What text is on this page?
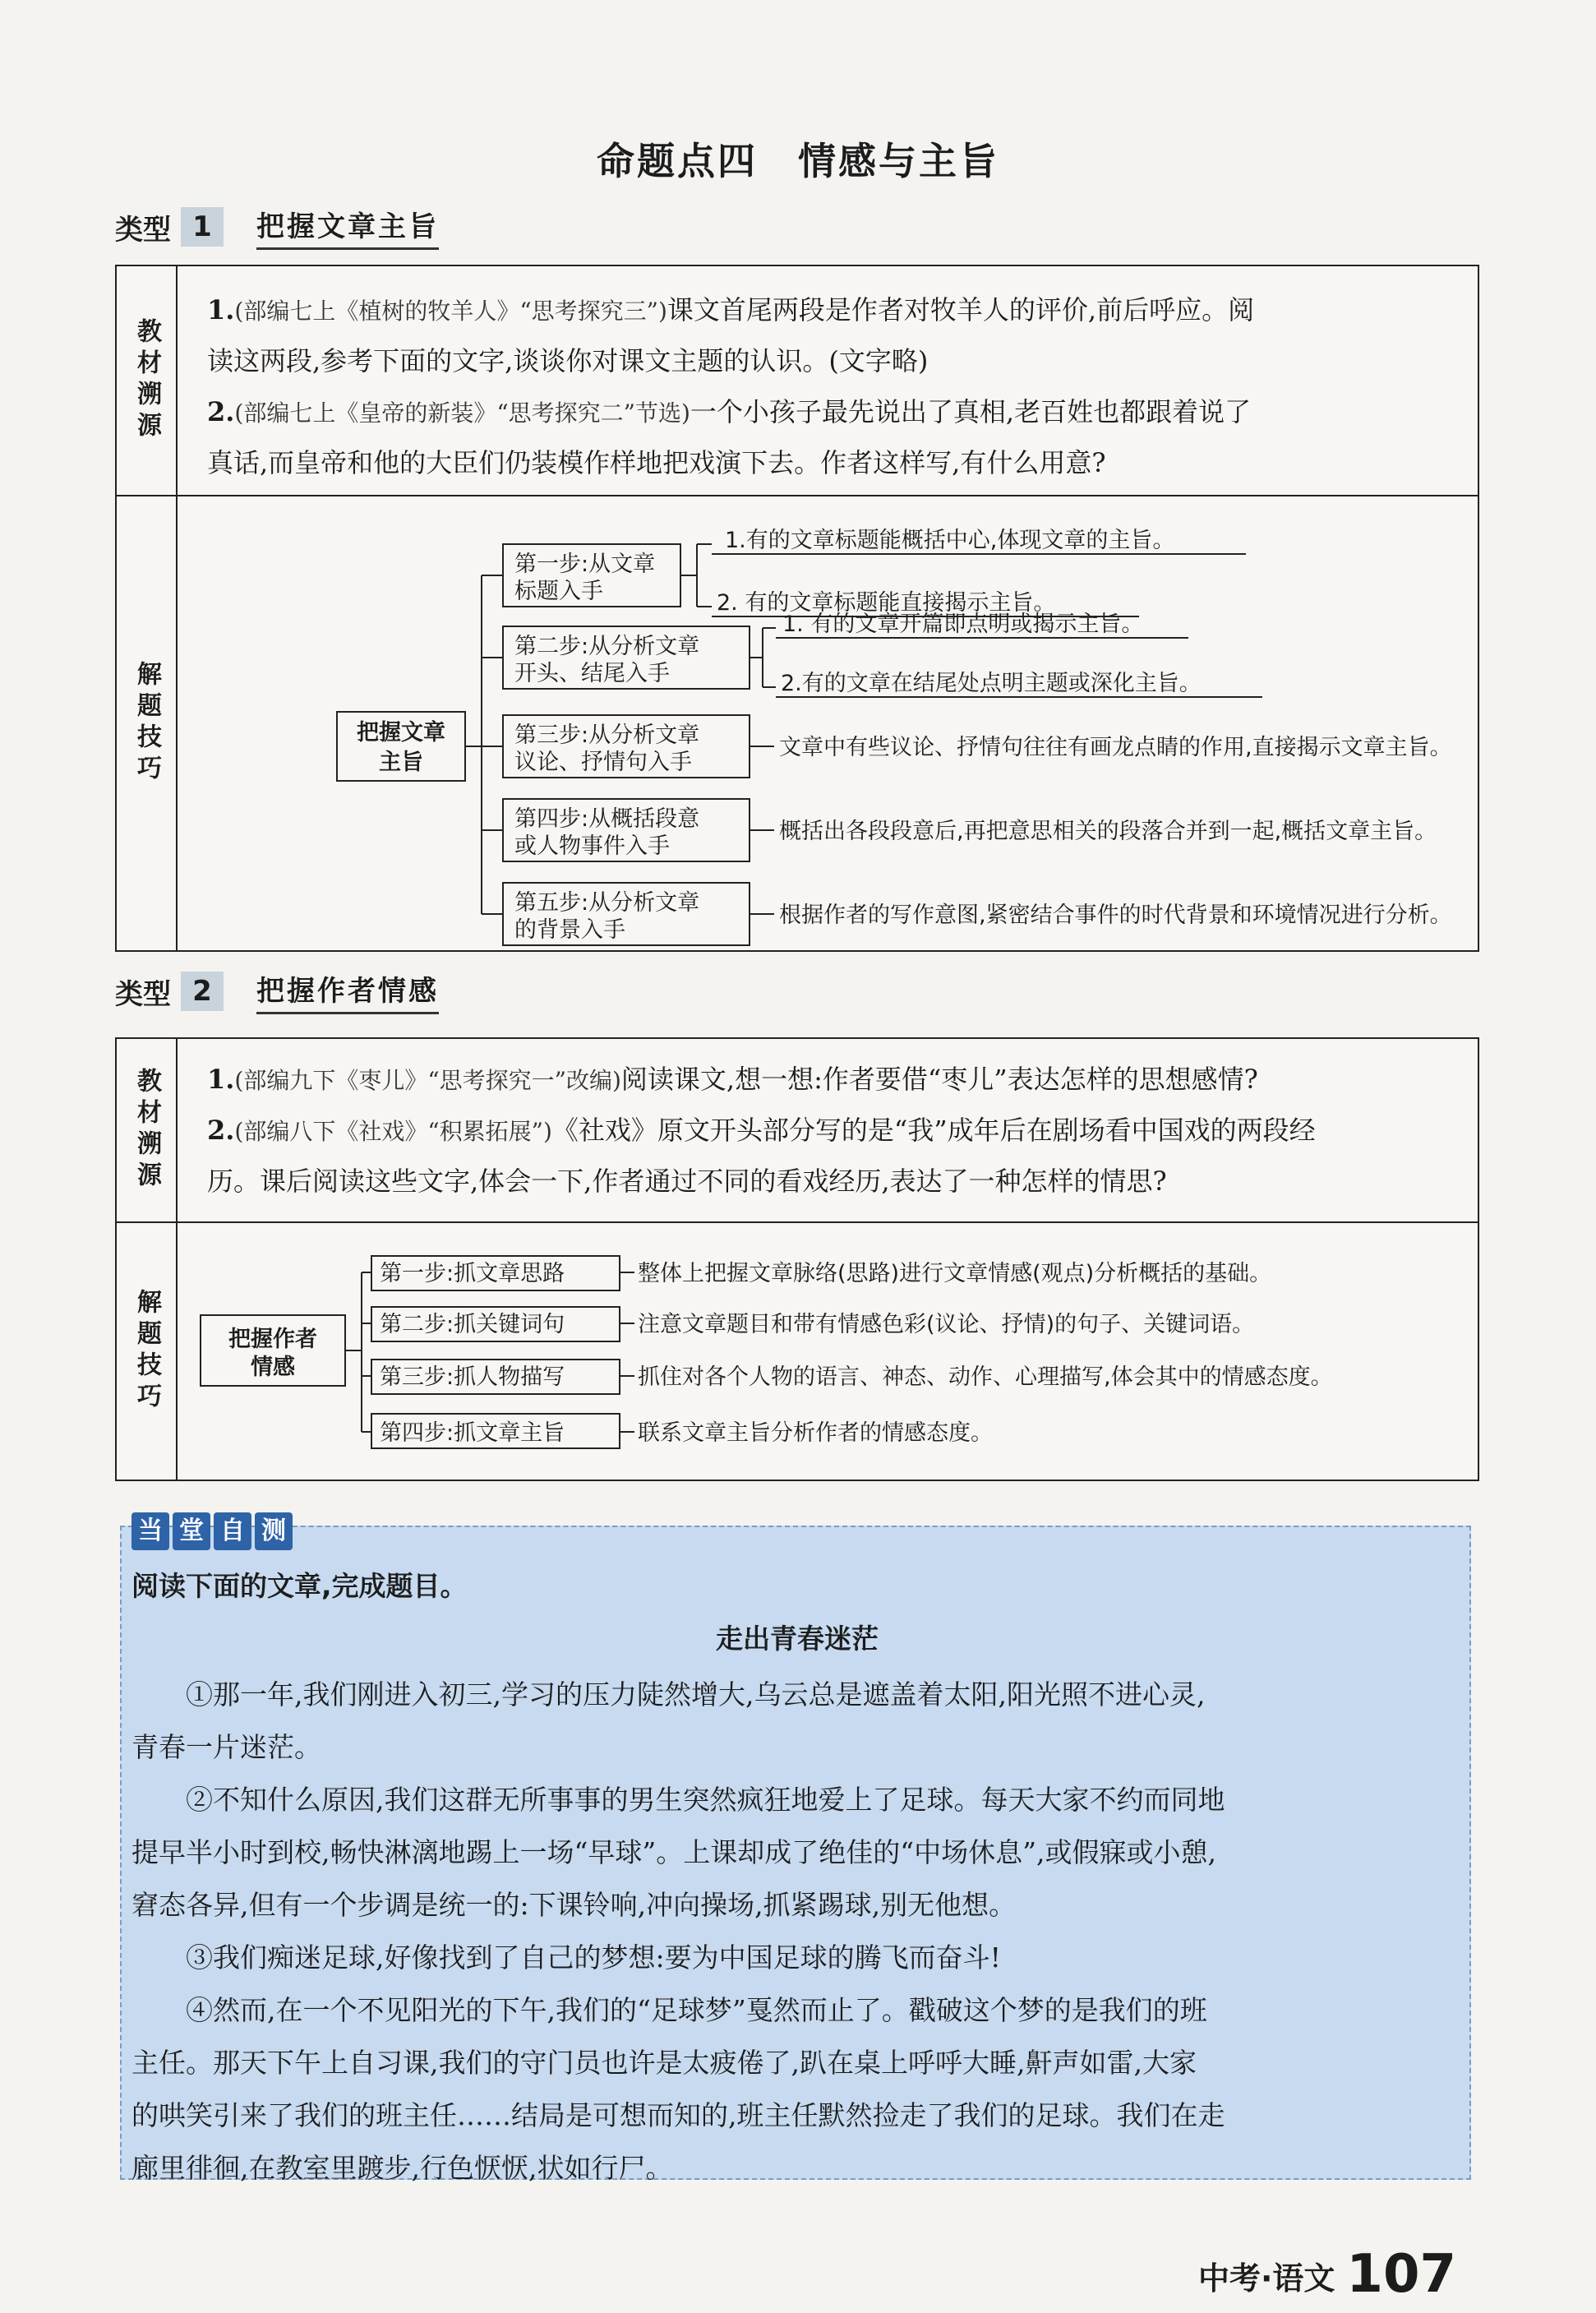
命题点四　情感与主旨
类型 1	把握文章主旨
教材溯源
1.(部编七上《植树的牧羊人》“思考探究三”)课文首尾两段是作者对牧羊人的评价,前后呼应。阅
读这两段,参考下面的文字,谈谈你对课文主题的认识。(文字略)
2.(部编七上《皇帝的新装》“思考探究二”节选)一个小孩子最先说出了真相,老百姓也都跟着说了
真话,而皇帝和他的大臣们仍装模作样地把戏演下去。作者这样写,有什么用意?
解题技巧	把握文章
主旨
第一步:从文章
标题入手
第二步:从分析文章
开头、结尾入手
第三步:从分析文章
议论、抒情句入手
第四步:从概括段意
或人物事件入手
第五步:从分析文章
的背景入手
1.有的文章标题能概括中心,体现文章的主旨。
2. 有的文章标题能直接揭示主旨。
1. 有的文章开篇即点明或揭示主旨。
2.有的文章在结尾处点明主题或深化主旨。
文章中有些议论、抒情句往往有画龙点睛的作用,直接揭示文章主旨。
概括出各段段意后,再把意思相关的段落合并到一起,概括文章主旨。
根据作者的写作意图,紧密结合事件的时代背景和环境情况进行分析。
类型 2	把握作者情感
教材溯源 1.(部编九下《枣儿》“思考探究一”改编)阅读课文,想一想:作者要借“枣儿”表达怎样的思想感情?
2.(部编八下《社戏》“积累拓展”)《社戏》原文开头部分写的是“我”成年后在剧场看中国戏的两段经
历。课后阅读这些文字,体会一下,作者通过不同的看戏经历,表达了一种怎样的情思?
解题技巧	把握作者
情感
第一步:抓文章思路
第二步:抓关键词句
第三步:抓人物描写
第四步:抓文章主旨
整体上把握文章脉络(思路)进行文章情感(观点)分析概括的基础。
注意文章题目和带有情感色彩(议论、抒情)的句子、关键词语。
抓住对各个人物的语言、神态、动作、心理描写,体会其中的情感态度。
联系文章主旨分析作者的情感态度。
当 堂 自 测
阅读下面的文章,完成题目。
走出青春迷茫
①那一年,我们刚进入初三,学习的压力陡然增大,乌云总是遮盖着太阳,阳光照不进心灵,
青春一片迷茫。
②不知什么原因,我们这群无所事事的男生突然疯狂地爱上了足球。每天大家不约而同地
提早半小时到校,畅快淋漓地踢上一场“早球”。上课却成了绝佳的“中场休息”,或假寐或小憩,
窘态各异,但有一个步调是统一的:下课铃响,冲向操场,抓紧踢球,别无他想。
③我们痴迷足球,好像找到了自己的梦想:要为中国足球的腾飞而奋斗!
④然而,在一个不见阳光的下午,我们的“足球梦”戛然而止了。戳破这个梦的是我们的班
主任。那天下午上自习课,我们的守门员也许是太疲倦了,趴在桌上呼呼大睡,鼾声如雷,大家
的哄笑引来了我们的班主任……结局是可想而知的,班主任默然捡走了我们的足球。我们在走
廊里徘徊,在教室里踱步,行色恹恹,状如行尸。
中考·语文 107
